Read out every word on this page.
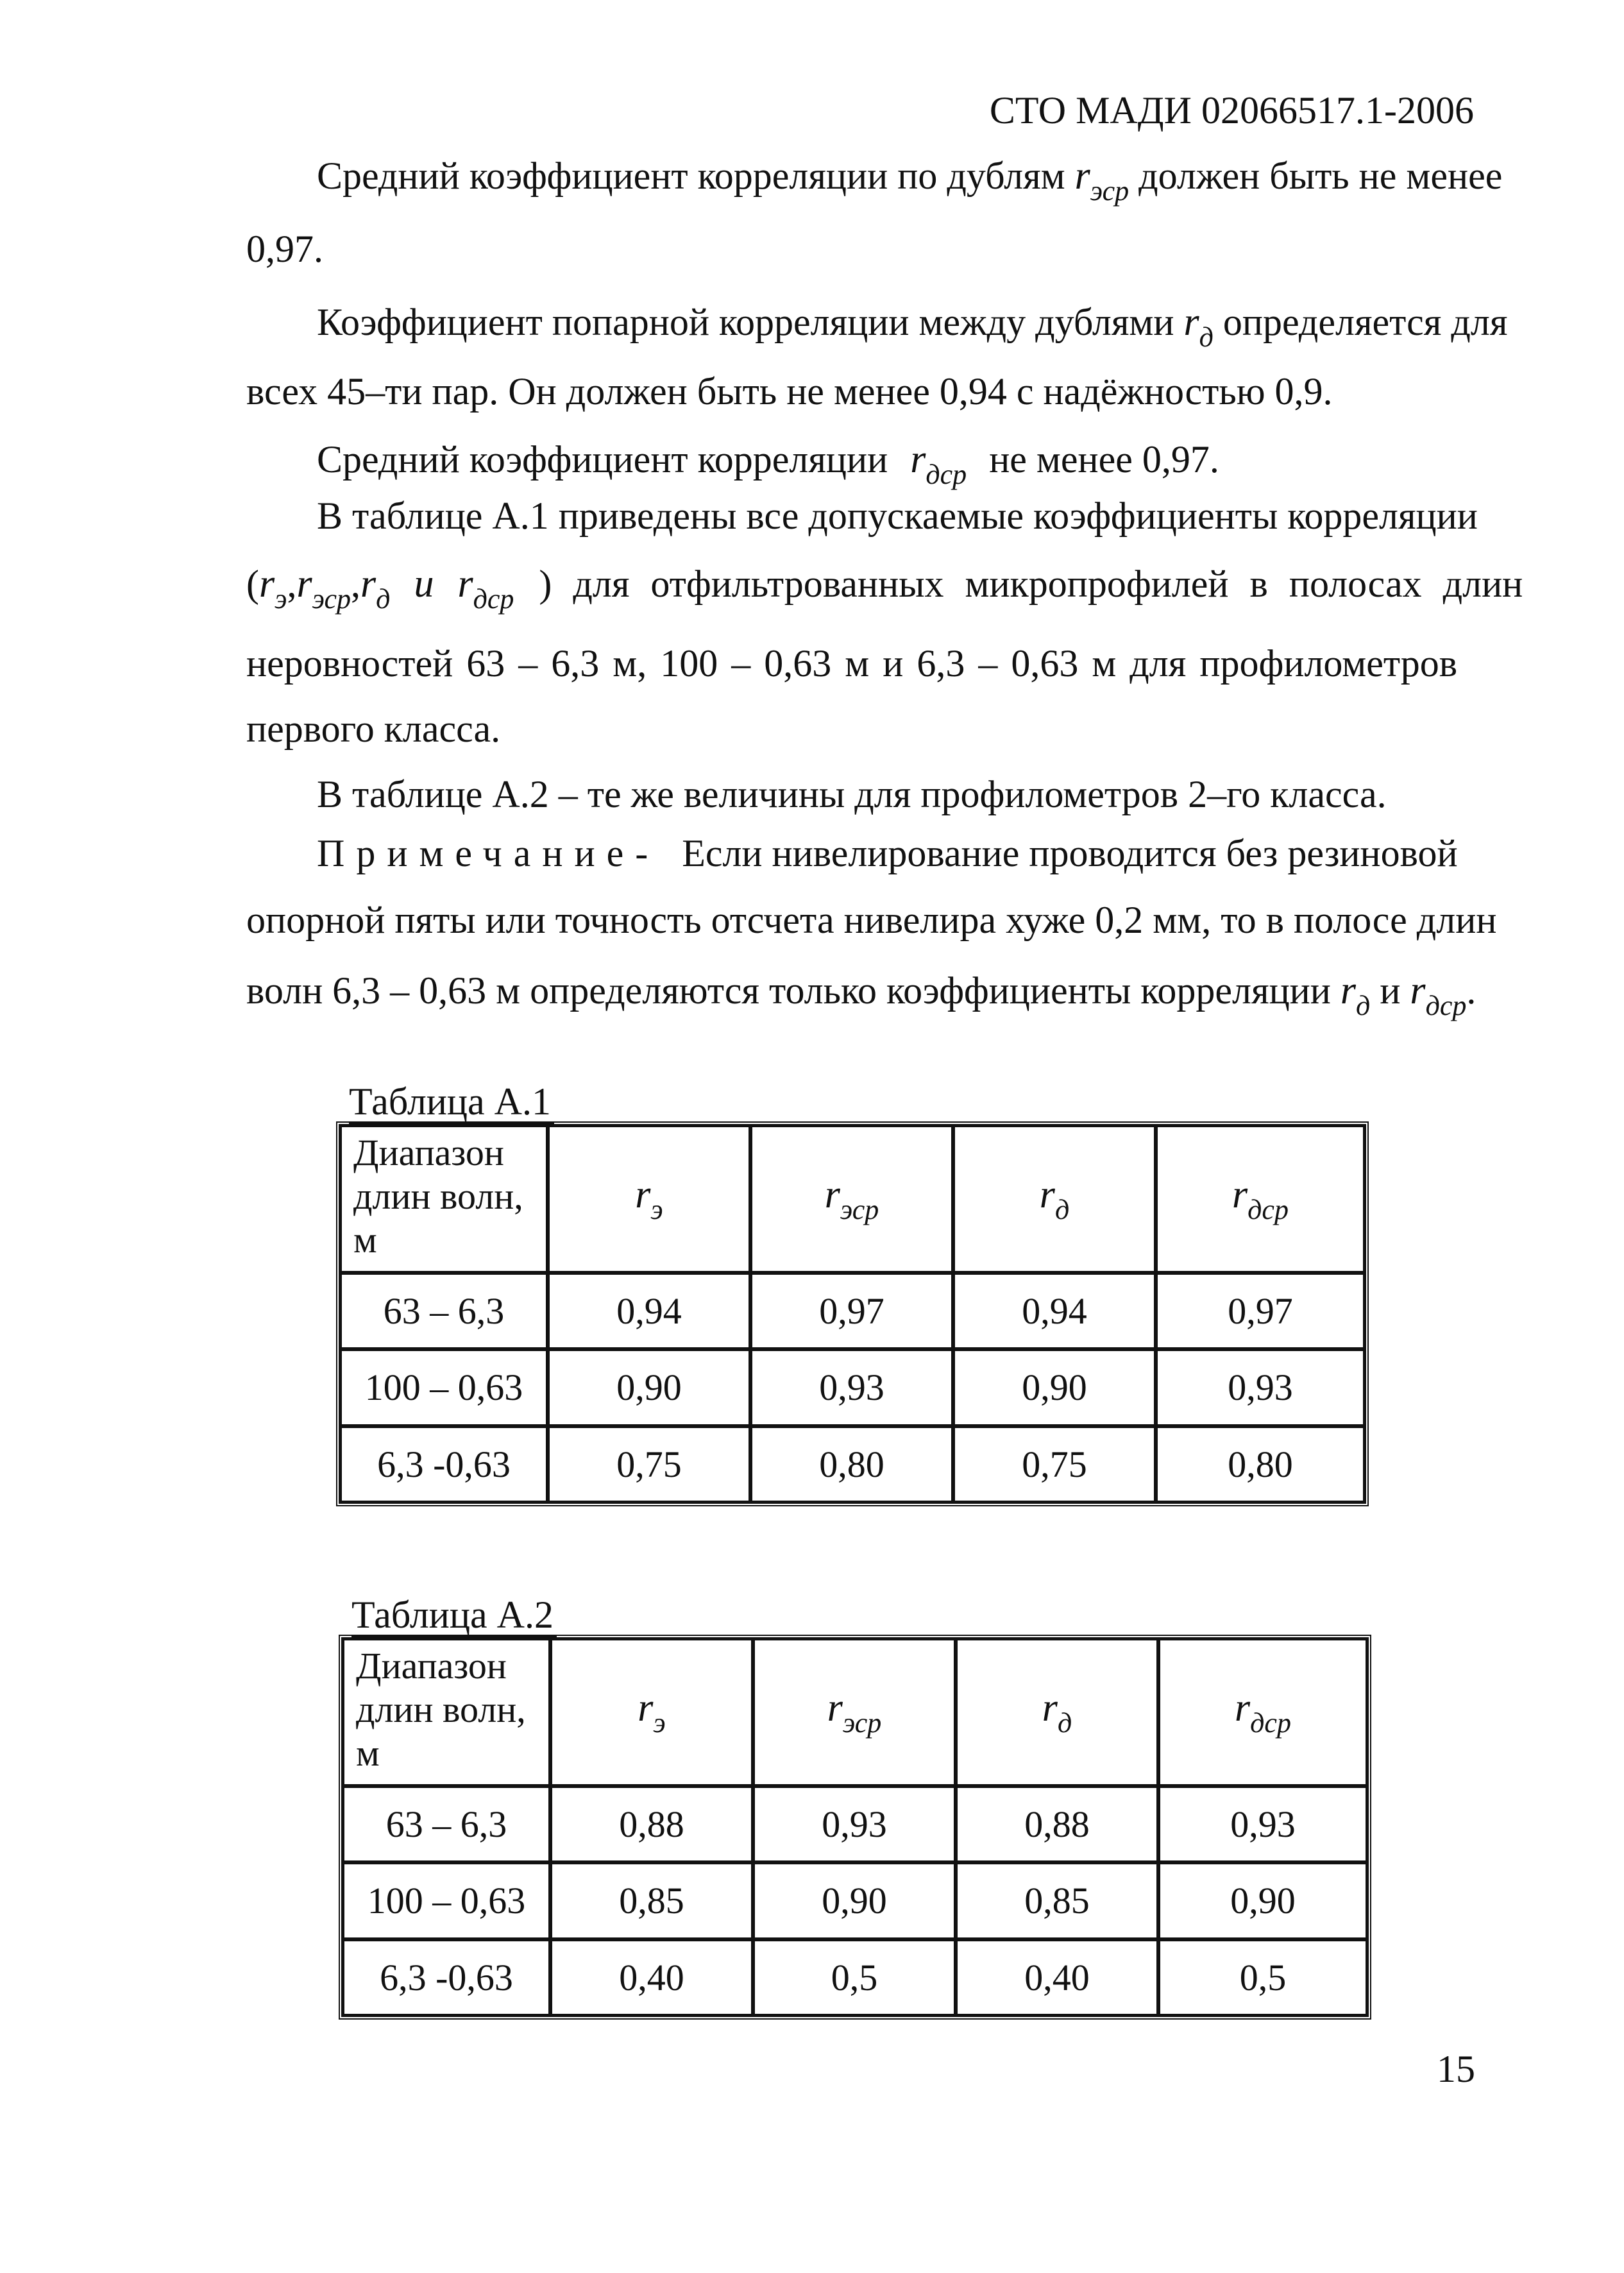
СТО МАДИ 02066517.1-2006
Средний коэффициент корреляции по дублям $r_{эср}$ должен быть не менее
0,97.
Коэффициент попарной корреляции между дублями $r_д$ определяется для
всех 45–ти пар. Он должен быть не менее 0,94 с надёжностью 0,9.
Средний коэффициент корреляции $r_{дср}$ не менее 0,97.
В таблице А.1 приведены все допускаемые коэффициенты корреляции
($r_э,r_{эср},r_д$ и $r_{дср}$ ) для отфильтрованных микропрофилей в полосах длин
неровностей 63 – 6,3 м, 100 – 0,63 м и 6,3 – 0,63 м для профилометров
первого класса.
В таблице А.2 – те же величины для профилометров 2–го класса.
Примечание- Если нивелирование проводится без резиновой
опорной пяты или точность отсчета нивелира хуже 0,2 мм, то в полосе длин
волн 6,3 – 0,63 м определяются только коэффициенты корреляции $r_д$ и $r_{дср}$.
Таблица А.1
Диапазон
длин волн,
м	$r_э$	$r_{эср}$	$r_д$	$r_{дср}$
63 – 6,3	0,94	0,97	0,94	0,97
100 – 0,63	0,90	0,93	0,90	0,93
6,3 -0,63	0,75	0,80	0,75	0,80
Таблица А.2
Диапазон
длин волн,
м	$r_э$	$r_{эср}$	$r_д$	$r_{дср}$
63 – 6,3	0,88	0,93	0,88	0,93
100 – 0,63	0,85	0,90	0,85	0,90
6,3 -0,63	0,40	0,5	0,40	0,5
15
